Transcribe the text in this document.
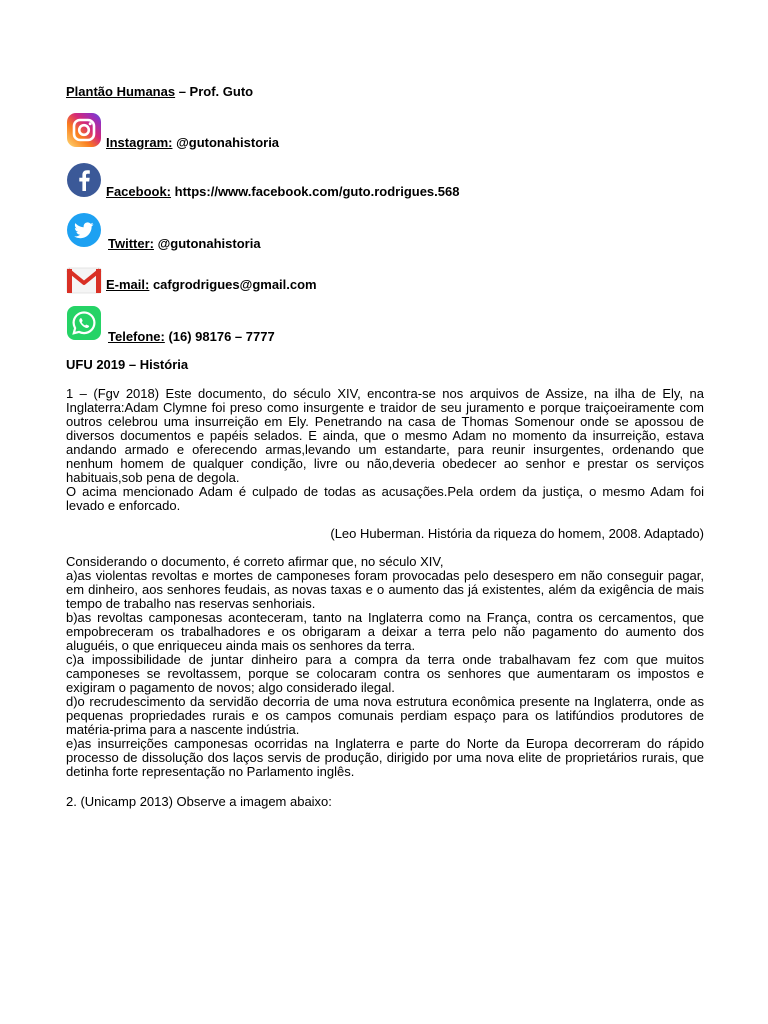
Plantão Humanas – Prof. Guto
Instagram: @gutonahistoria
Facebook: https://www.facebook.com/guto.rodrigues.568
Twitter: @gutonahistoria
E-mail: cafgrodrigues@gmail.com
Telefone: (16) 98176 – 7777
UFU 2019 – História

1 – (Fgv 2018) Este documento, do século XIV, encontra-se nos arquivos de Assize, na ilha de Ely, na Inglaterra:Adam Clymne foi preso como insurgente e traidor de seu juramento e porque traiçoeiramente com outros celebrou uma insurreição em Ely. Penetrando na casa de Thomas Somenour onde se apossou de diversos documentos e papéis selados. E ainda, que o mesmo Adam no momento da insurreição, estava andando armado e oferecendo armas,levando um estandarte, para reunir insurgentes, ordenando que nenhum homem de qualquer condição, livre ou não,deveria obedecer ao senhor e prestar os serviços habituais,sob pena de degola.

O acima mencionado Adam é culpado de todas as acusações.Pela ordem da justiça, o mesmo Adam foi levado e enforcado.

(Leo Huberman. História da riqueza do homem, 2008. Adaptado)

Considerando o documento, é correto afirmar que, no século XIV,

a)as violentas revoltas e mortes de camponeses foram provocadas pelo desespero em não conseguir pagar, em dinheiro, aos senhores feudais, as novas taxas e o aumento das já existentes, além da exigência de mais tempo de trabalho nas reservas senhoriais.

b)as revoltas camponesas aconteceram, tanto na Inglaterra como na França, contra os cercamentos, que empobreceram os trabalhadores e os obrigaram a deixar a terra pelo não pagamento do aumento dos aluguéis, o que enriqueceu ainda mais os senhores da terra.

c)a impossibilidade de juntar dinheiro para a compra da terra onde trabalhavam fez com que muitos camponeses se revoltassem, porque se colocaram contra os senhores que aumentaram os impostos e exigiram o pagamento de novos; algo considerado ilegal.

d)o recrudescimento da servidão decorria de uma nova estrutura econômica presente na Inglaterra, onde as pequenas propriedades rurais e os campos comunais perdiam espaço para os latifúndios produtores de matéria-prima para a nascente indústria.

e)as insurreições camponesas ocorridas na Inglaterra e parte do Norte da Europa decorreram do rápido processo de dissolução dos laços servis de produção, dirigido por uma nova elite de proprietários rurais, que detinha forte representação no Parlamento inglês.

2. (Unicamp 2013) Observe a imagem abaixo:
